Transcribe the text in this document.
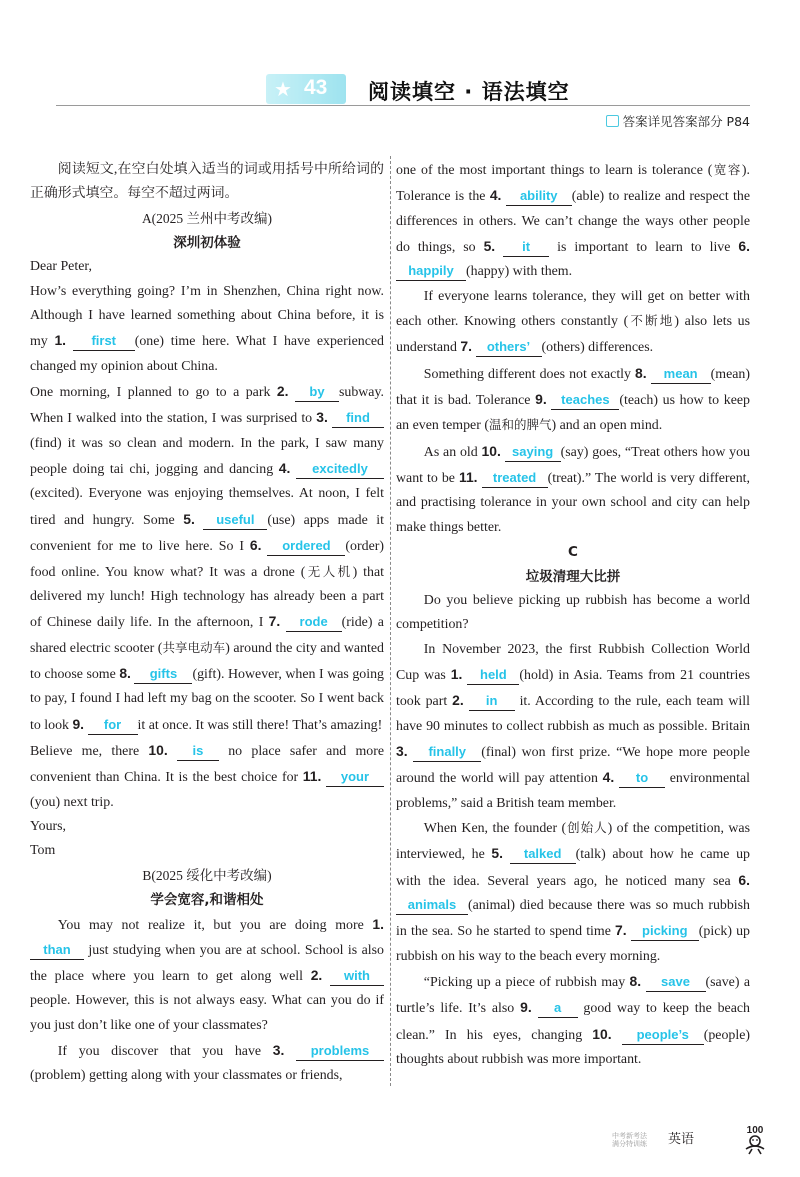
★ 43 阅读填空 · 语法填空
答案详见答案部分 P84

阅读短文,在空白处填入适当的词或用括号中所给词的正确形式填空。每空不超过两词。

A(2025 兰州中考改编)

深圳初体验

Dear Peter,

How’s everything going? I’m in Shenzhen, China right now. Although I have learned something about China before, it is my 1. first (one) time here. What I have experienced changed my opinion about China.

One morning, I planned to go to a park 2. by subway. When I walked into the station, I was surprised to 3. find(find) it was so clean and modern. In the park, I saw many people doing tai chi, jogging and dancing 4. excitedly(excited). Everyone was enjoying themselves. At noon, I felt tired and hungry. Some 5. useful (use) apps made it convenient for me to live here. So I 6. ordered (order) food online. You know what? It was a drone (无人机) that delivered my lunch! High technology has already been a part of Chinese daily life. In the afternoon, I 7. rode (ride) a shared electric scooter (共享电动车) around the city and wanted to choose some 8. gifts (gift). However, when I was going to pay, I found I had left my bag on the scooter. So I went back to look 9. for it at once. It was still there! That’s amazing!

Believe me, there 10. is no place safer and more convenient than China. It is the best choice for 11. your(you) next trip.

Yours,

Tom

B(2025 绥化中考改编)

学会宽容,和谐相处

You may not realize it, but you are doing more 1. than just studying when you are at school. School is also the place where you learn to get along well 2. with people. However, this is not always easy. What can you do if you just don’t like one of your classmates?

If you discover that you have 3. problems (problem) getting along with your classmates or friends,

one of the most important things to learn is tolerance (宽容). Tolerance is the 4. ability (able) to realize and respect the differences in others. We can’t change the ways other people do things, so 5. it is important to learn to live 6. happily (happy) with them.

If everyone learns tolerance, they will get on better with each other. Knowing others constantly (不断地) also lets us understand 7. others’ (others) differences.

Something different does not exactly 8. mean (mean) that it is bad. Tolerance 9. teaches (teach) us how to keep an even temper (温和的脾气) and an open mind.

As an old 10. saying (say) goes, “Treat others how you want to be 11. treated (treat).” The world is very different, and practising tolerance in your own school and city can help make things better.

C

垃圾清理大比拼

Do you believe picking up rubbish has become a world competition?

In November 2023, the first Rubbish Collection World Cup was 1. held (hold) in Asia. Teams from 21 countries took part 2. in it. According to the rule, each team will have 90 minutes to collect rubbish as much as possible. Britain 3. finally (final) won first prize. “We hope more people around the world will pay attention 4. to environmental problems,” said a British team member.

When Ken, the founder (创始人) of the competition, was interviewed, he 5. talked (talk) about how he came up with the idea. Several years ago, he noticed many sea 6. animals (animal) died because there was so much rubbish in the sea. So he started to spend time 7. picking (pick) up rubbish on his way to the beach every morning.

“Picking up a piece of rubbish may 8. save (save) a turtle’s life. It’s also 9. a good way to keep the beach clean.” In his eyes, changing 10. people’s (people) thoughts about rubbish was more important.

中考新考法
满分特训练 英语
100
